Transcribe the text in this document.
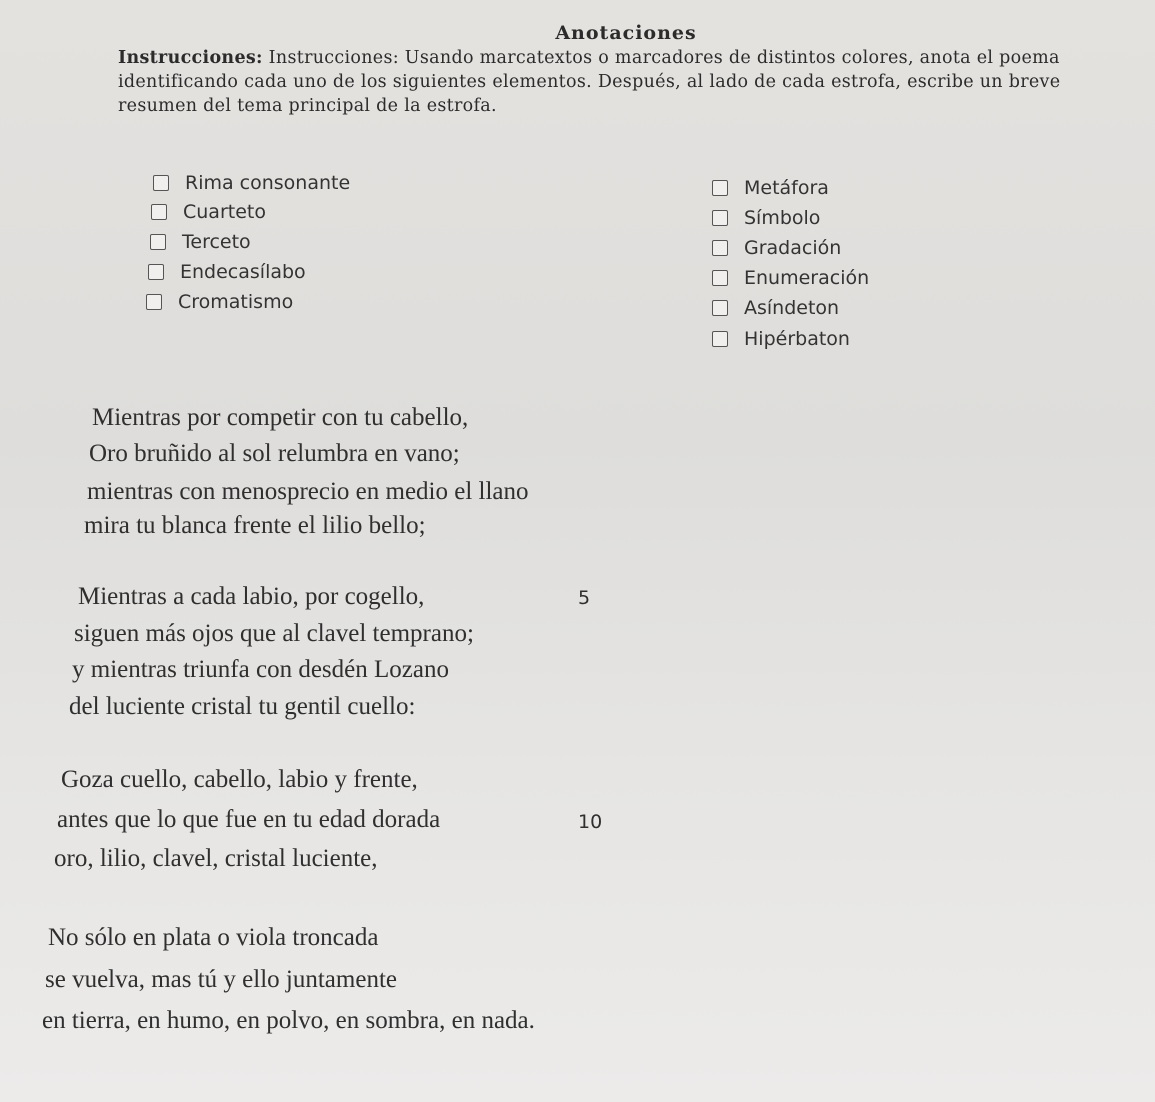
Anotaciones
Instrucciones: Instrucciones: Usando marcatextos o marcadores de distintos colores, anota el poema identificando cada uno de los siguientes elementos. Después, al lado de cada estrofa, escribe un breve resumen del tema principal de la estrofa.
Rima consonante
Cuarteto
Terceto
Endecasílabo
Cromatismo
Metáfora
Símbolo
Gradación
Enumeración
Asíndeton
Hipérbaton
Mientras por competir con tu cabello,
Oro bruñido al sol relumbra en vano;
mientras con menosprecio en medio el llano
mira tu blanca frente el lilio bello;
Mientras a cada labio, por cogello,	5
siguen más ojos que al clavel temprano;
y mientras triunfa con desdén Lozano
del luciente cristal tu gentil cuello:
Goza cuello, cabello, labio y frente,
antes que lo que fue en tu edad dorada	10
oro, lilio, clavel, cristal luciente,
No sólo en plata o viola troncada
se vuelva, mas tú y ello juntamente
en tierra, en humo, en polvo, en sombra, en nada.
